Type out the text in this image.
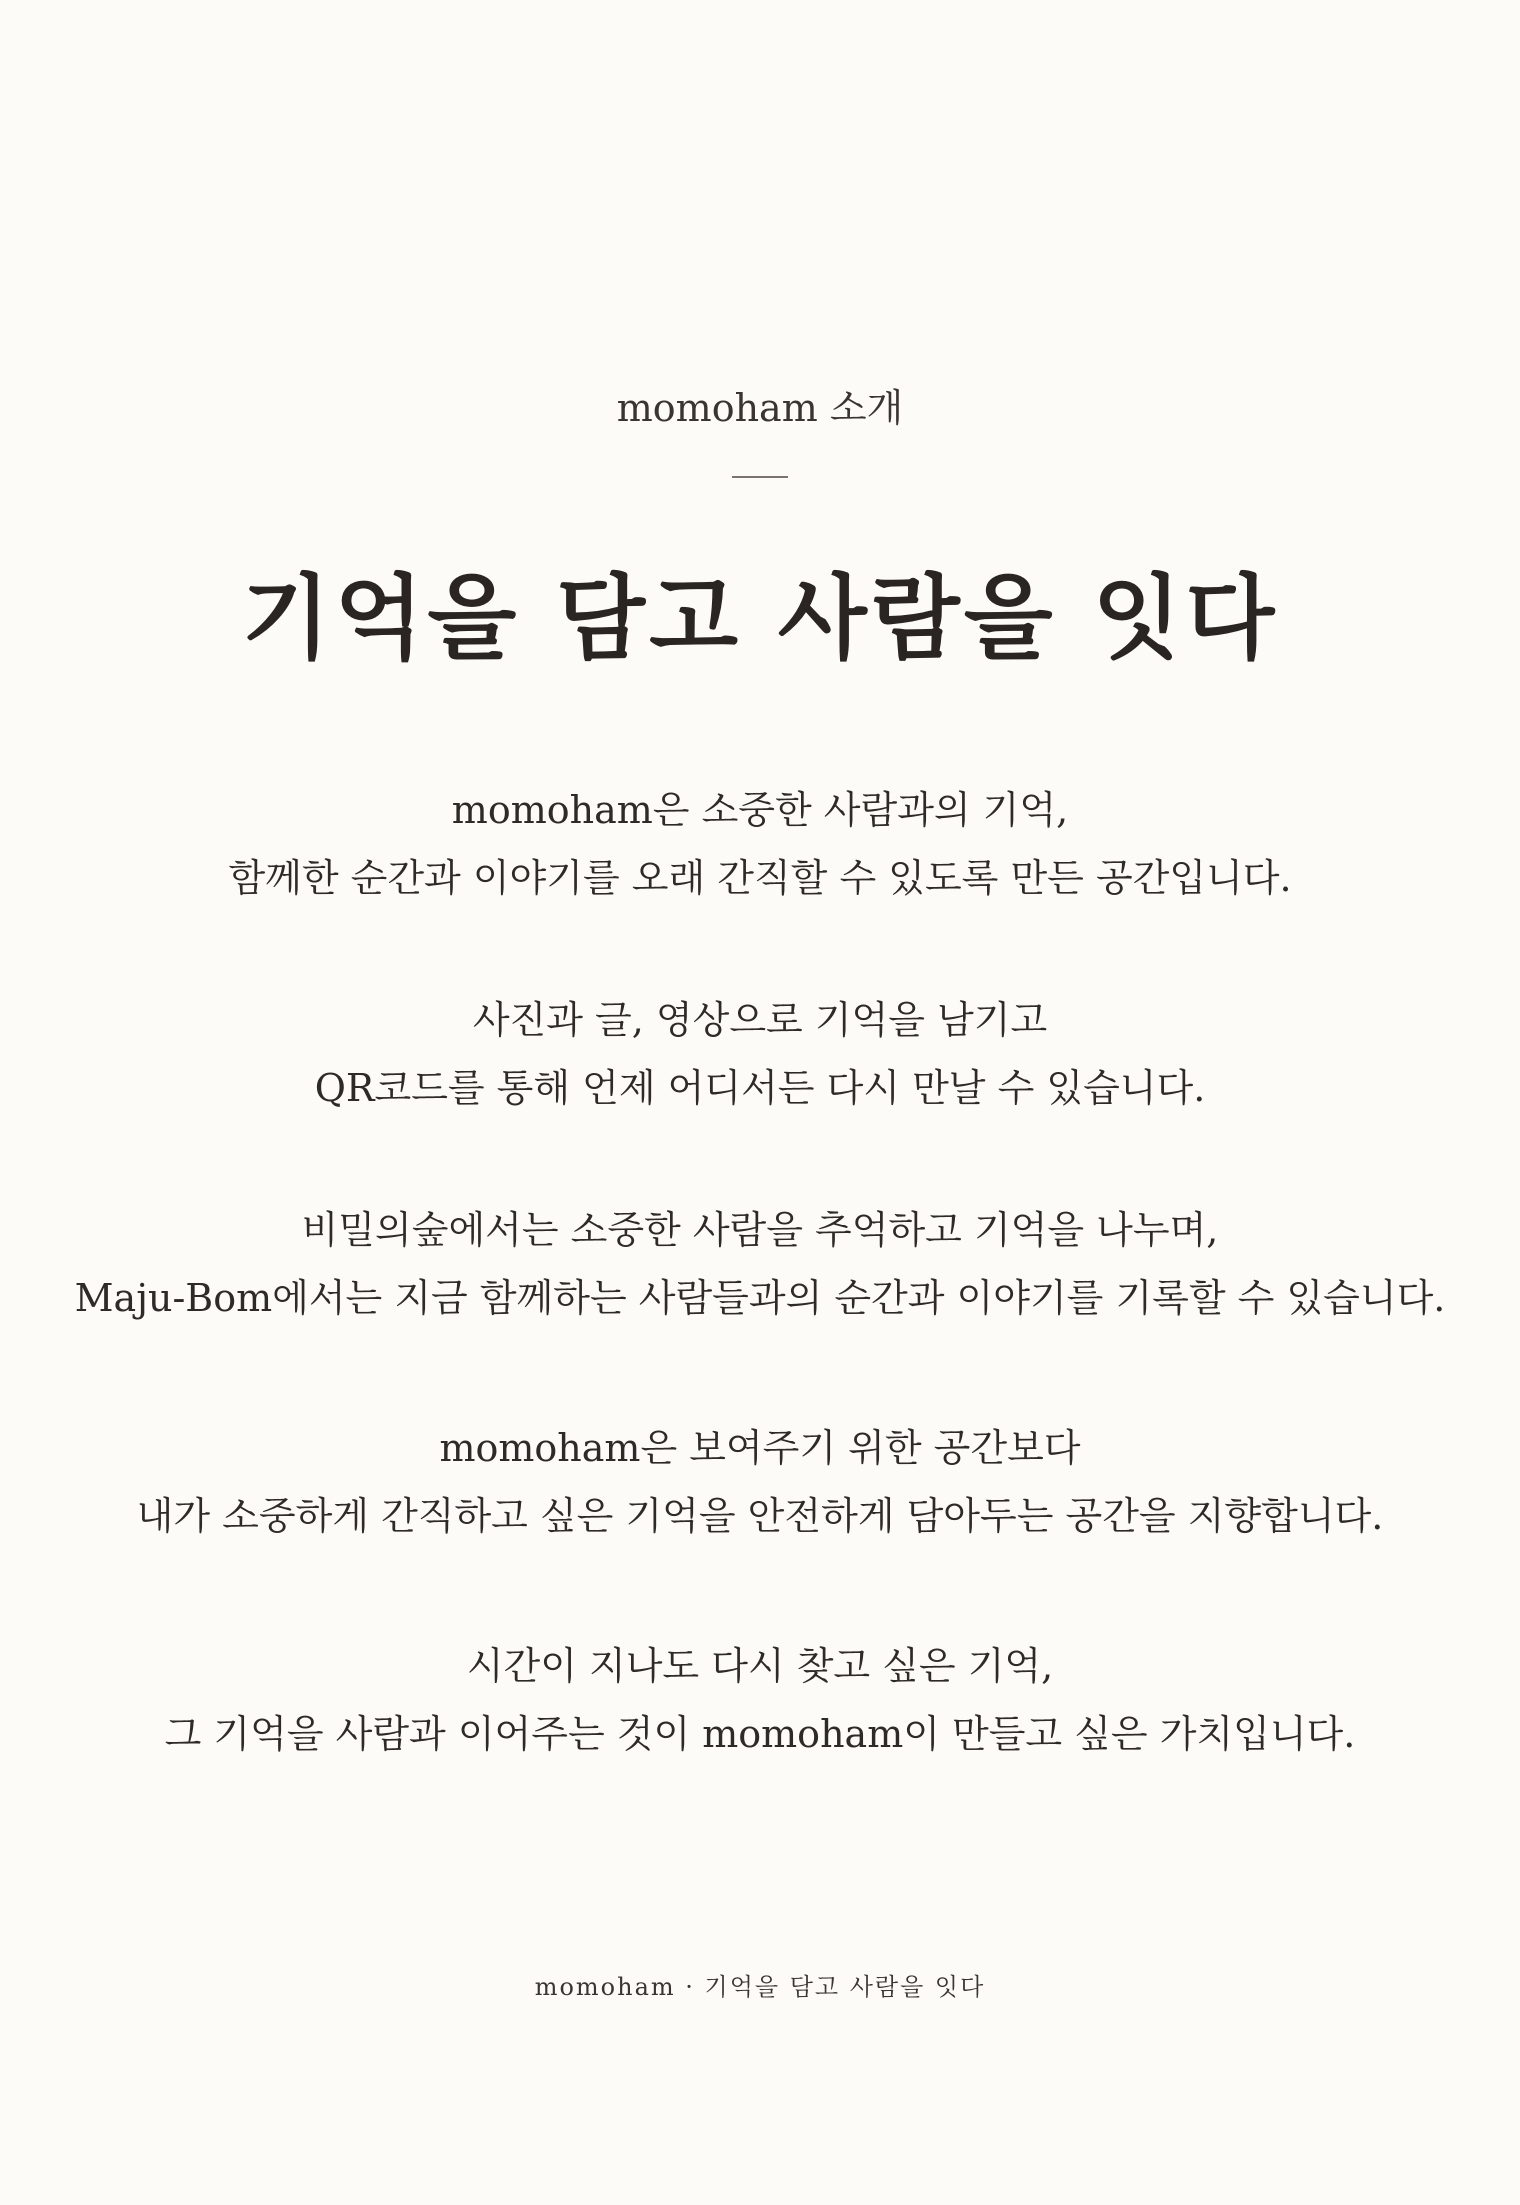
momoham 소개
기억을 담고 사람을 잇다
momoham은 소중한 사람과의 기억,
함께한 순간과 이야기를 오래 간직할 수 있도록 만든 공간입니다.
사진과 글, 영상으로 기억을 남기고
QR코드를 통해 언제 어디서든 다시 만날 수 있습니다.
비밀의숲에서는 소중한 사람을 추억하고 기억을 나누며,
Maju-Bom에서는 지금 함께하는 사람들과의 순간과 이야기를 기록할 수 있습니다.
momoham은 보여주기 위한 공간보다
내가 소중하게 간직하고 싶은 기억을 안전하게 담아두는 공간을 지향합니다.
시간이 지나도 다시 찾고 싶은 기억,
그 기억을 사람과 이어주는 것이 momoham이 만들고 싶은 가치입니다.
momoham · 기억을 담고 사람을 잇다
